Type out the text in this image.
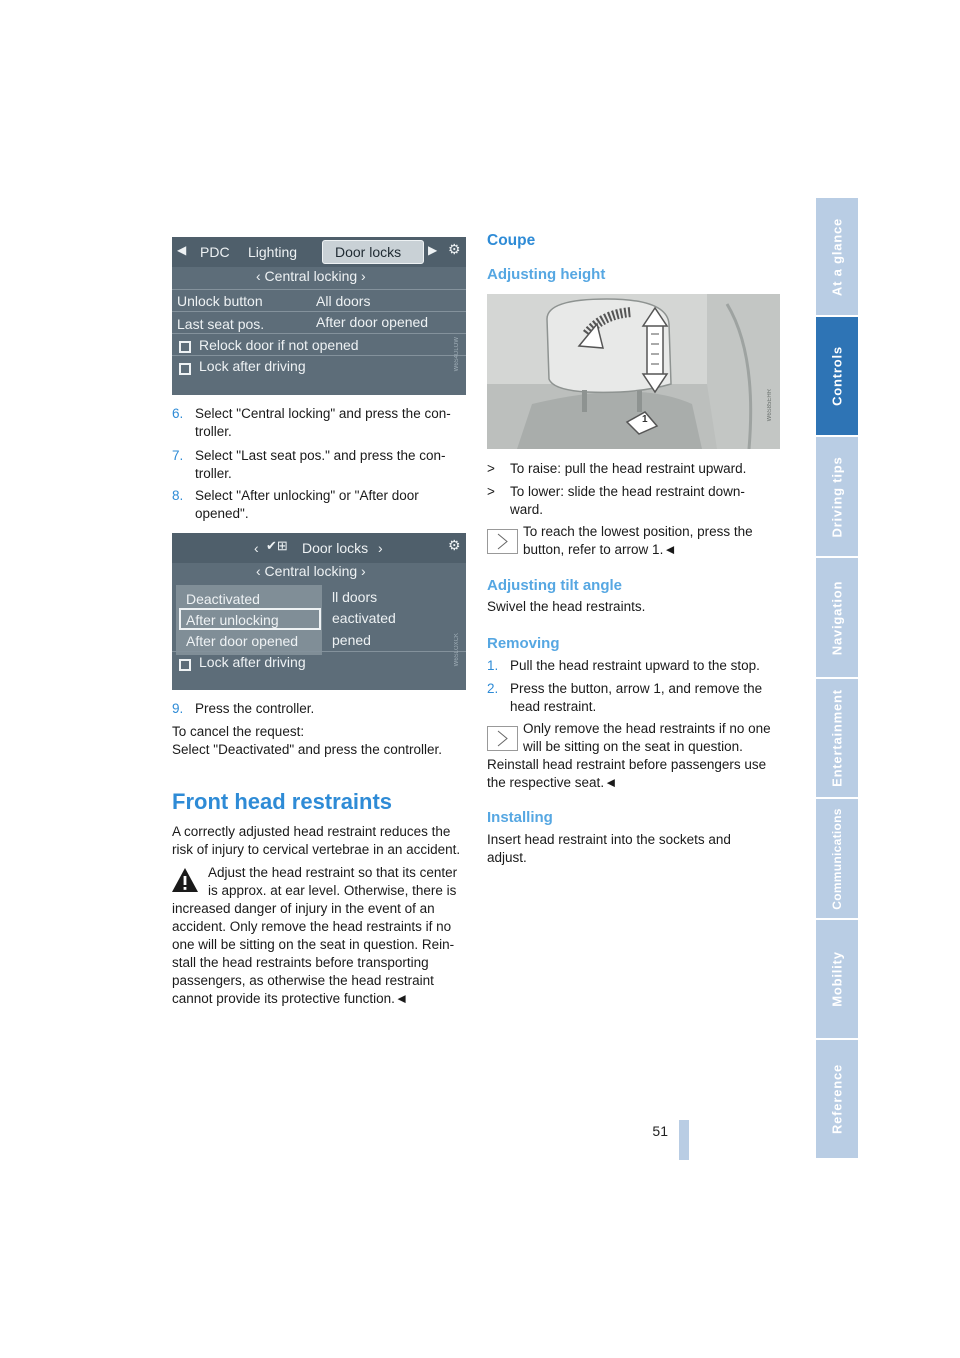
At a glance
Controls
Driving tips
Navigation
Entertainment
Communications
Mobility
Reference
51
◀ PDC Lighting	Door locks ▶ ⚙
‹ Central locking ›
Unlock button	All doors
Last seat pos.	After door opened
Relock door if not opened
Lock after driving	W6S4DLOW
‹ ✔⊞ Door locks ›	⚙
‹ Central locking ›
Deactivated
After unlocking
After door opened
ll doors
eactivated
pened
Lock after driving	W6SLOXCK
6. Select "Central locking" and press the con-
troller.
7. Select "Last seat pos." and press the con-
troller.
8. Select "After unlocking" or "After door
opened".
9. Press the controller.
To cancel the request:
Select "Deactivated" and press the controller.
Front head restraints
A correctly adjusted head restraint reduces the
risk of injury to cervical vertebrae in an accident.
Adjust the head restraint so that its center
is approx. at ear level. Otherwise, there is
increased danger of injury in the event of an
accident. Only remove the head restraints if no
one will be sitting on the seat in question. Rein-
stall the head restraints before transporting
passengers, as otherwise the head restraint
cannot provide its protective function.◄
Coupe
Adjusting height
1	W6S85EHR
> To raise: pull the head restraint upward.
> To lower: slide the head restraint down-
ward.
To reach the lowest position, press the
button, refer to arrow 1.◄
Adjusting tilt angle
Swivel the head restraints.
Removing
1. Pull the head restraint upward to the stop.
2. Press the button, arrow 1, and remove the
head restraint.
Only remove the head restraints if no one
will be sitting on the seat in question.
Reinstall head restraint before passengers use
the respective seat.◄
Installing
Insert head restraint into the sockets and
adjust.
